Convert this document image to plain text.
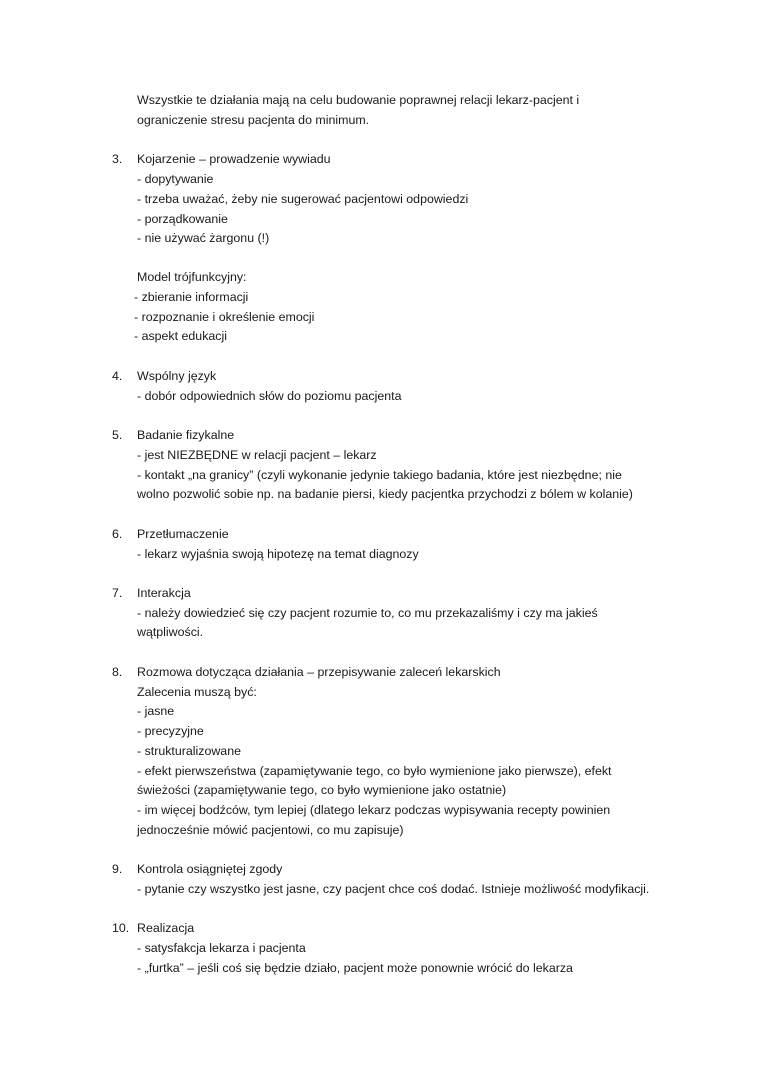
Wszystkie te działania mają na celu budowanie poprawnej relacji lekarz-pacjent i
ograniczenie stresu pacjenta do minimum.
3. Kojarzenie – prowadzenie wywiadu
- dopytywanie
- trzeba uważać, żeby nie sugerować pacjentowi odpowiedzi
- porządkowanie
- nie używać żargonu (!)
Model trójfunkcyjny:
- zbieranie informacji
- rozpoznanie i określenie emocji
- aspekt edukacji
4. Wspólny język
- dobór odpowiednich słów do poziomu pacjenta
5. Badanie fizykalne
- jest NIEZBĘDNE w relacji pacjent – lekarz
- kontakt „na granicy” (czyli wykonanie jedynie takiego badania, które jest niezbędne; nie
wolno pozwolić sobie np. na badanie piersi, kiedy pacjentka przychodzi z bólem w kolanie)
6. Przetłumaczenie
- lekarz wyjaśnia swoją hipotezę na temat diagnozy
7. Interakcja
- należy dowiedzieć się czy pacjent rozumie to, co mu przekazaliśmy i czy ma jakieś
wątpliwości.
8. Rozmowa dotycząca działania – przepisywanie zaleceń lekarskich
Zalecenia muszą być:
- jasne
- precyzyjne
- strukturalizowane
- efekt pierwszeństwa (zapamiętywanie tego, co było wymienione jako pierwsze), efekt
świeżości (zapamiętywanie tego, co było wymienione jako ostatnie)
- im więcej bodźców, tym lepiej (dlatego lekarz podczas wypisywania recepty powinien
jednocześnie mówić pacjentowi, co mu zapisuje)
9. Kontrola osiągniętej zgody
- pytanie czy wszystko jest jasne, czy pacjent chce coś dodać. Istnieje możliwość modyfikacji.
10. Realizacja
- satysfakcja lekarza i pacjenta
- „furtka” – jeśli coś się będzie działo, pacjent może ponownie wrócić do lekarza
